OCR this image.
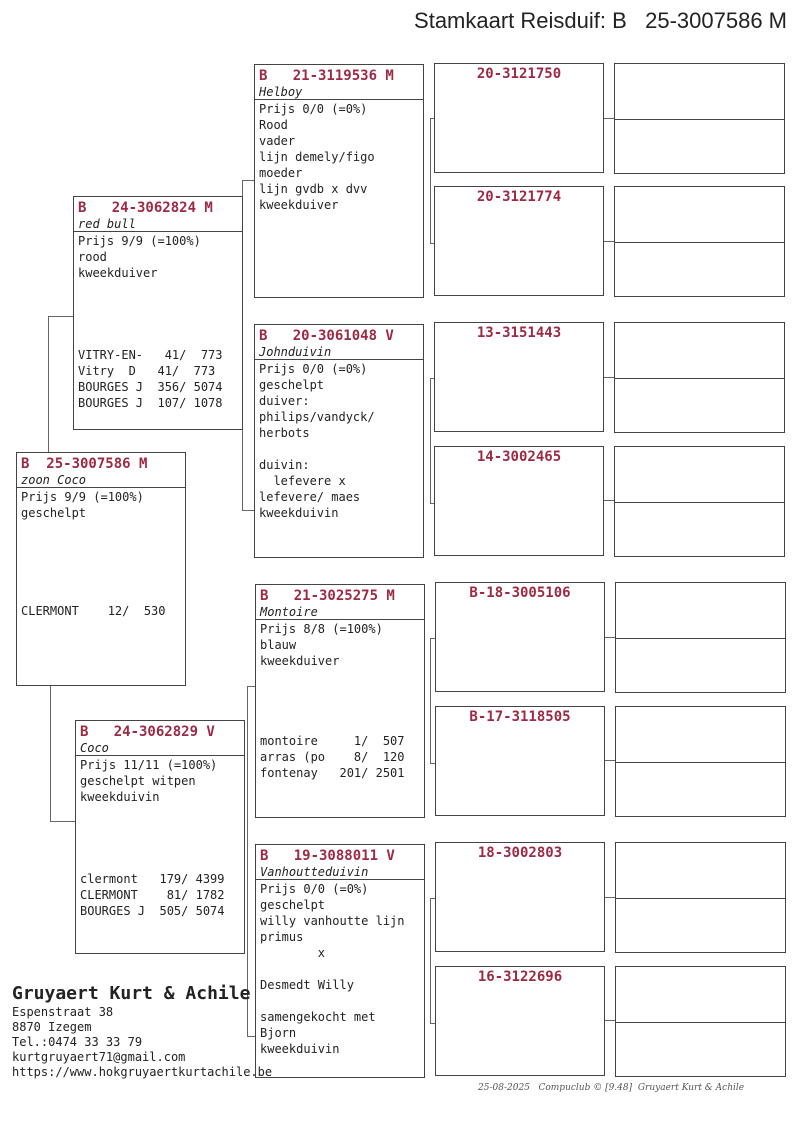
Stamkaart Reisduif: B   25-3007586 M
B  25-3007586 M
zoon Coco
Prijs 9/9 (=100%)
geschelpt
CLERMONT    12/  530
B   24-3062824 M
red bull
Prijs 9/9 (=100%)
rood
kweekduiver
VITRY-EN-   41/  773
Vitry  D   41/  773
BOURGES J  356/ 5074
BOURGES J  107/ 1078
B   24-3062829 V
Coco
Prijs 11/11 (=100%)
geschelpt witpen
kweekduivin
clermont   179/ 4399
CLERMONT    81/ 1782
BOURGES J  505/ 5074
B   21-3119536 M
Helboy
Prijs 0/0 (=0%)
Rood
vader
lijn demely/figo
moeder
lijn gvdb x dvv
kweekduiver
B   20-3061048 V
Johnduivin
Prijs 0/0 (=0%)
geschelpt
duiver:
philips/vandyck/
herbots

duivin:
lefevere x
lefevere/ maes
kweekduivin
B   21-3025275 M
Montoire
Prijs 8/8 (=100%)
blauw
kweekduiver
montoire     1/  507
arras (po    8/  120
fontenay   201/ 2501
B   19-3088011 V
Vanhoutteduivin
Prijs 0/0 (=0%)
geschelpt
willy vanhoutte lijn
primus
x

Desmedt Willy

samengekocht met
Bjorn
kweekduivin
20-3121750
20-3121774
13-3151443
14-3002465
B-18-3005106
B-17-3118505
18-3002803
16-3122696
Gruyaert Kurt & Achile
Espenstraat 38
8870 Izegem
Tel.:0474 33 33 79
kurtgruyaert71@gmail.com
https://www.hokgruyaertkurtachile.be
25-08-2025   Compuclub © [9.48]  Gruyaert Kurt & Achile
